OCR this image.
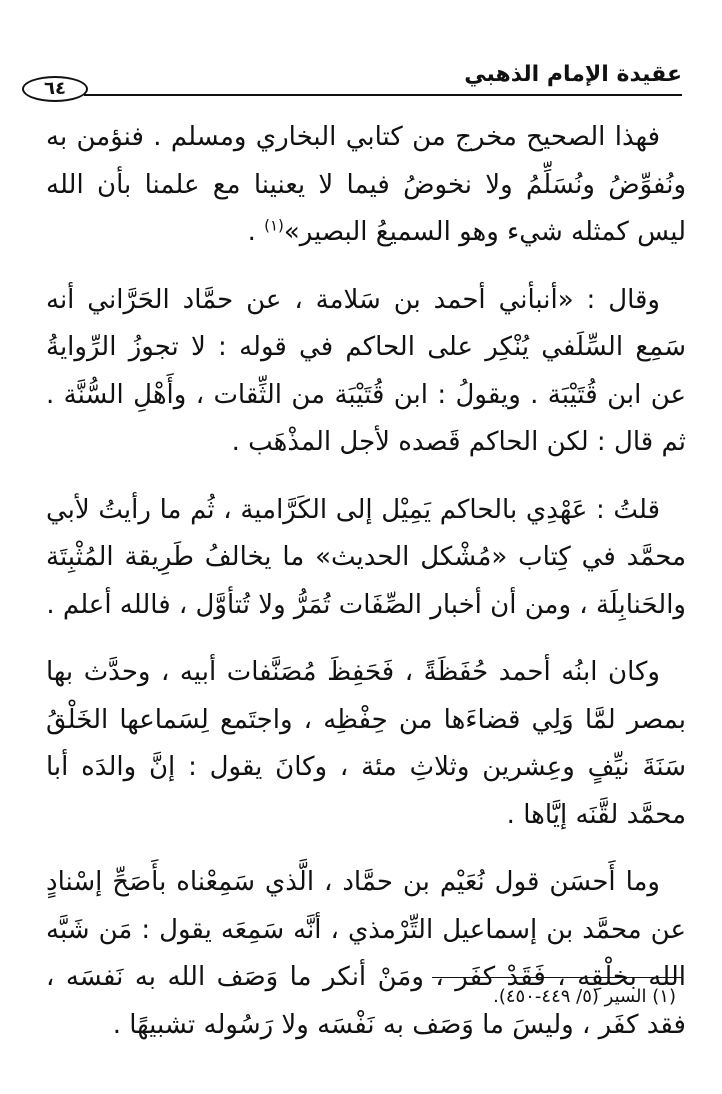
عقيدة الإمام الذهبي
٦٤

فهذا الصحيح مخرج من كتابي البخاري ومسلم . فنؤمن به ونُفوِّضُ ونُسَلِّمُ ولا نخوضُ فيما لا يعنينا مع علمنا بأن الله ليس كمثله شيء وهو السميعُ البصير»$^{(١)}$ .

وقال : «أنبأني أحمد بن سَلامة ، عن حمَّاد الحَرَّاني أنه سَمِع السِّلَفي يُنْكِر على الحاكم في قوله : لا تجوزُ الرِّوايةُ عن ابن قُتَيْبَة . ويقولُ : ابن قُتَيْبَة من الثِّقات ، وأَهْلِ السُّنَّة . ثم قال : لكن الحاكم قَصده لأجل المذْهَب .

قلتُ : عَهْدِي بالحاكم يَمِيْل إلى الكَرَّامية ، ثُم ما رأيتُ لأبي محمَّد في كِتاب «مُشْكل الحديث» ما يخالفُ طَرِيقة المُثْبِتَة والحَنابِلَة ، ومن أن أخبار الصِّفَات تُمَرُّ ولا تُتأوَّل ، فالله أعلم .

وكان ابنُه أحمد حُفَظَةً ، فَحَفِظَ مُصَنَّفات أبيه ، وحدَّث بها بمصر لمَّا وَلِي قضاءَها من حِفْظِه ، واجتَمع لِسَماعها الخَلْقُ سَنَةَ نيِّفٍ وعِشرين وثلاثِ مئة ، وكانَ يقول : إنَّ والدَه أبا محمَّد لقَّنَه إيَّاها .

وما أَحسَن قول نُعَيْم بن حمَّاد ، الَّذي سَمِعْناه بأَصَحِّ إسْنادٍ عن محمَّد بن إسماعيل التِّرْمذي ، أنَّه سَمِعَه يقول : مَن شَبَّه الله بخلْقِه ، فَقَدْ كفَر ، ومَنْ أنكر ما وَصَف الله به نَفسَه ، فقد كفَر ، وليسَ ما وَصَف به نَفْسَه ولا رَسُوله تشبيهًا .

(١) السير (٥/ ٤٤٩-٤٥٠).
